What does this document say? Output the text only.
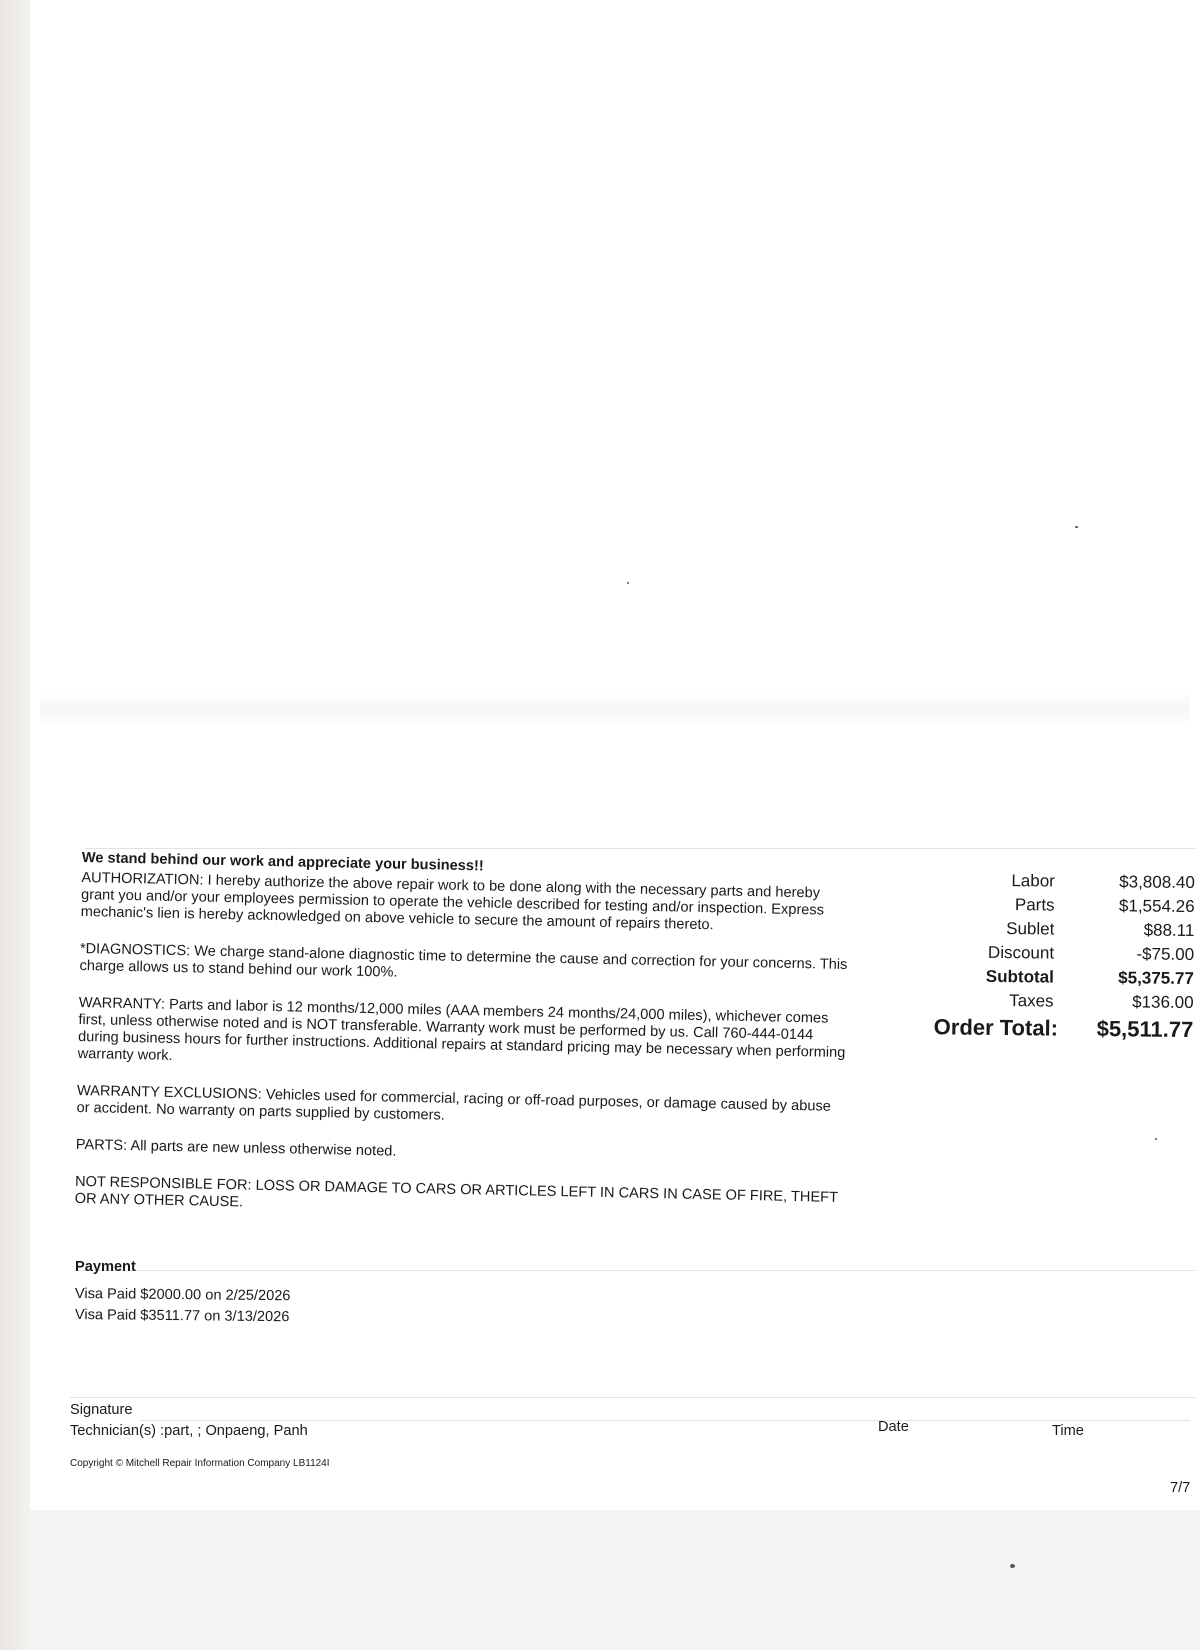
We stand behind our work and appreciate your business!!

AUTHORIZATION: I hereby authorize the above repair work to be done along with the necessary parts and hereby grant you and/or your employees permission to operate the vehicle described for testing and/or inspection. Express mechanic's lien is hereby acknowledged on above vehicle to secure the amount of repairs thereto.

*DIAGNOSTICS: We charge stand-alone diagnostic time to determine the cause and correction for your concerns. This charge allows us to stand behind our work 100%.

WARRANTY: Parts and labor is 12 months/12,000 miles (AAA members 24 months/24,000 miles), whichever comes first, unless otherwise noted and is NOT transferable. Warranty work must be performed by us. Call 760-444-0144 during business hours for further instructions. Additional repairs at standard pricing may be necessary when performing warranty work.

WARRANTY EXCLUSIONS: Vehicles used for commercial, racing or off-road purposes, or damage caused by abuse or accident. No warranty on parts supplied by customers.

PARTS: All parts are new unless otherwise noted.

NOT RESPONSIBLE FOR: LOSS OR DAMAGE TO CARS OR ARTICLES LEFT IN CARS IN CASE OF FIRE, THEFT OR ANY OTHER CAUSE.

Labor	$3,808.40
Parts	$1,554.26
Sublet	$88.11
Discount	-$75.00
Subtotal	$5,375.77
Taxes	$136.00
Order Total:	$5,511.77
Payment
Visa Paid $2000.00 on 2/25/2026
Visa Paid $3511.77 on 3/13/2026
Signature
Technician(s) :part, ; Onpaeng, Panh	Date	Time
Copyright © Mitchell Repair Information Company LB1124I
7/7
